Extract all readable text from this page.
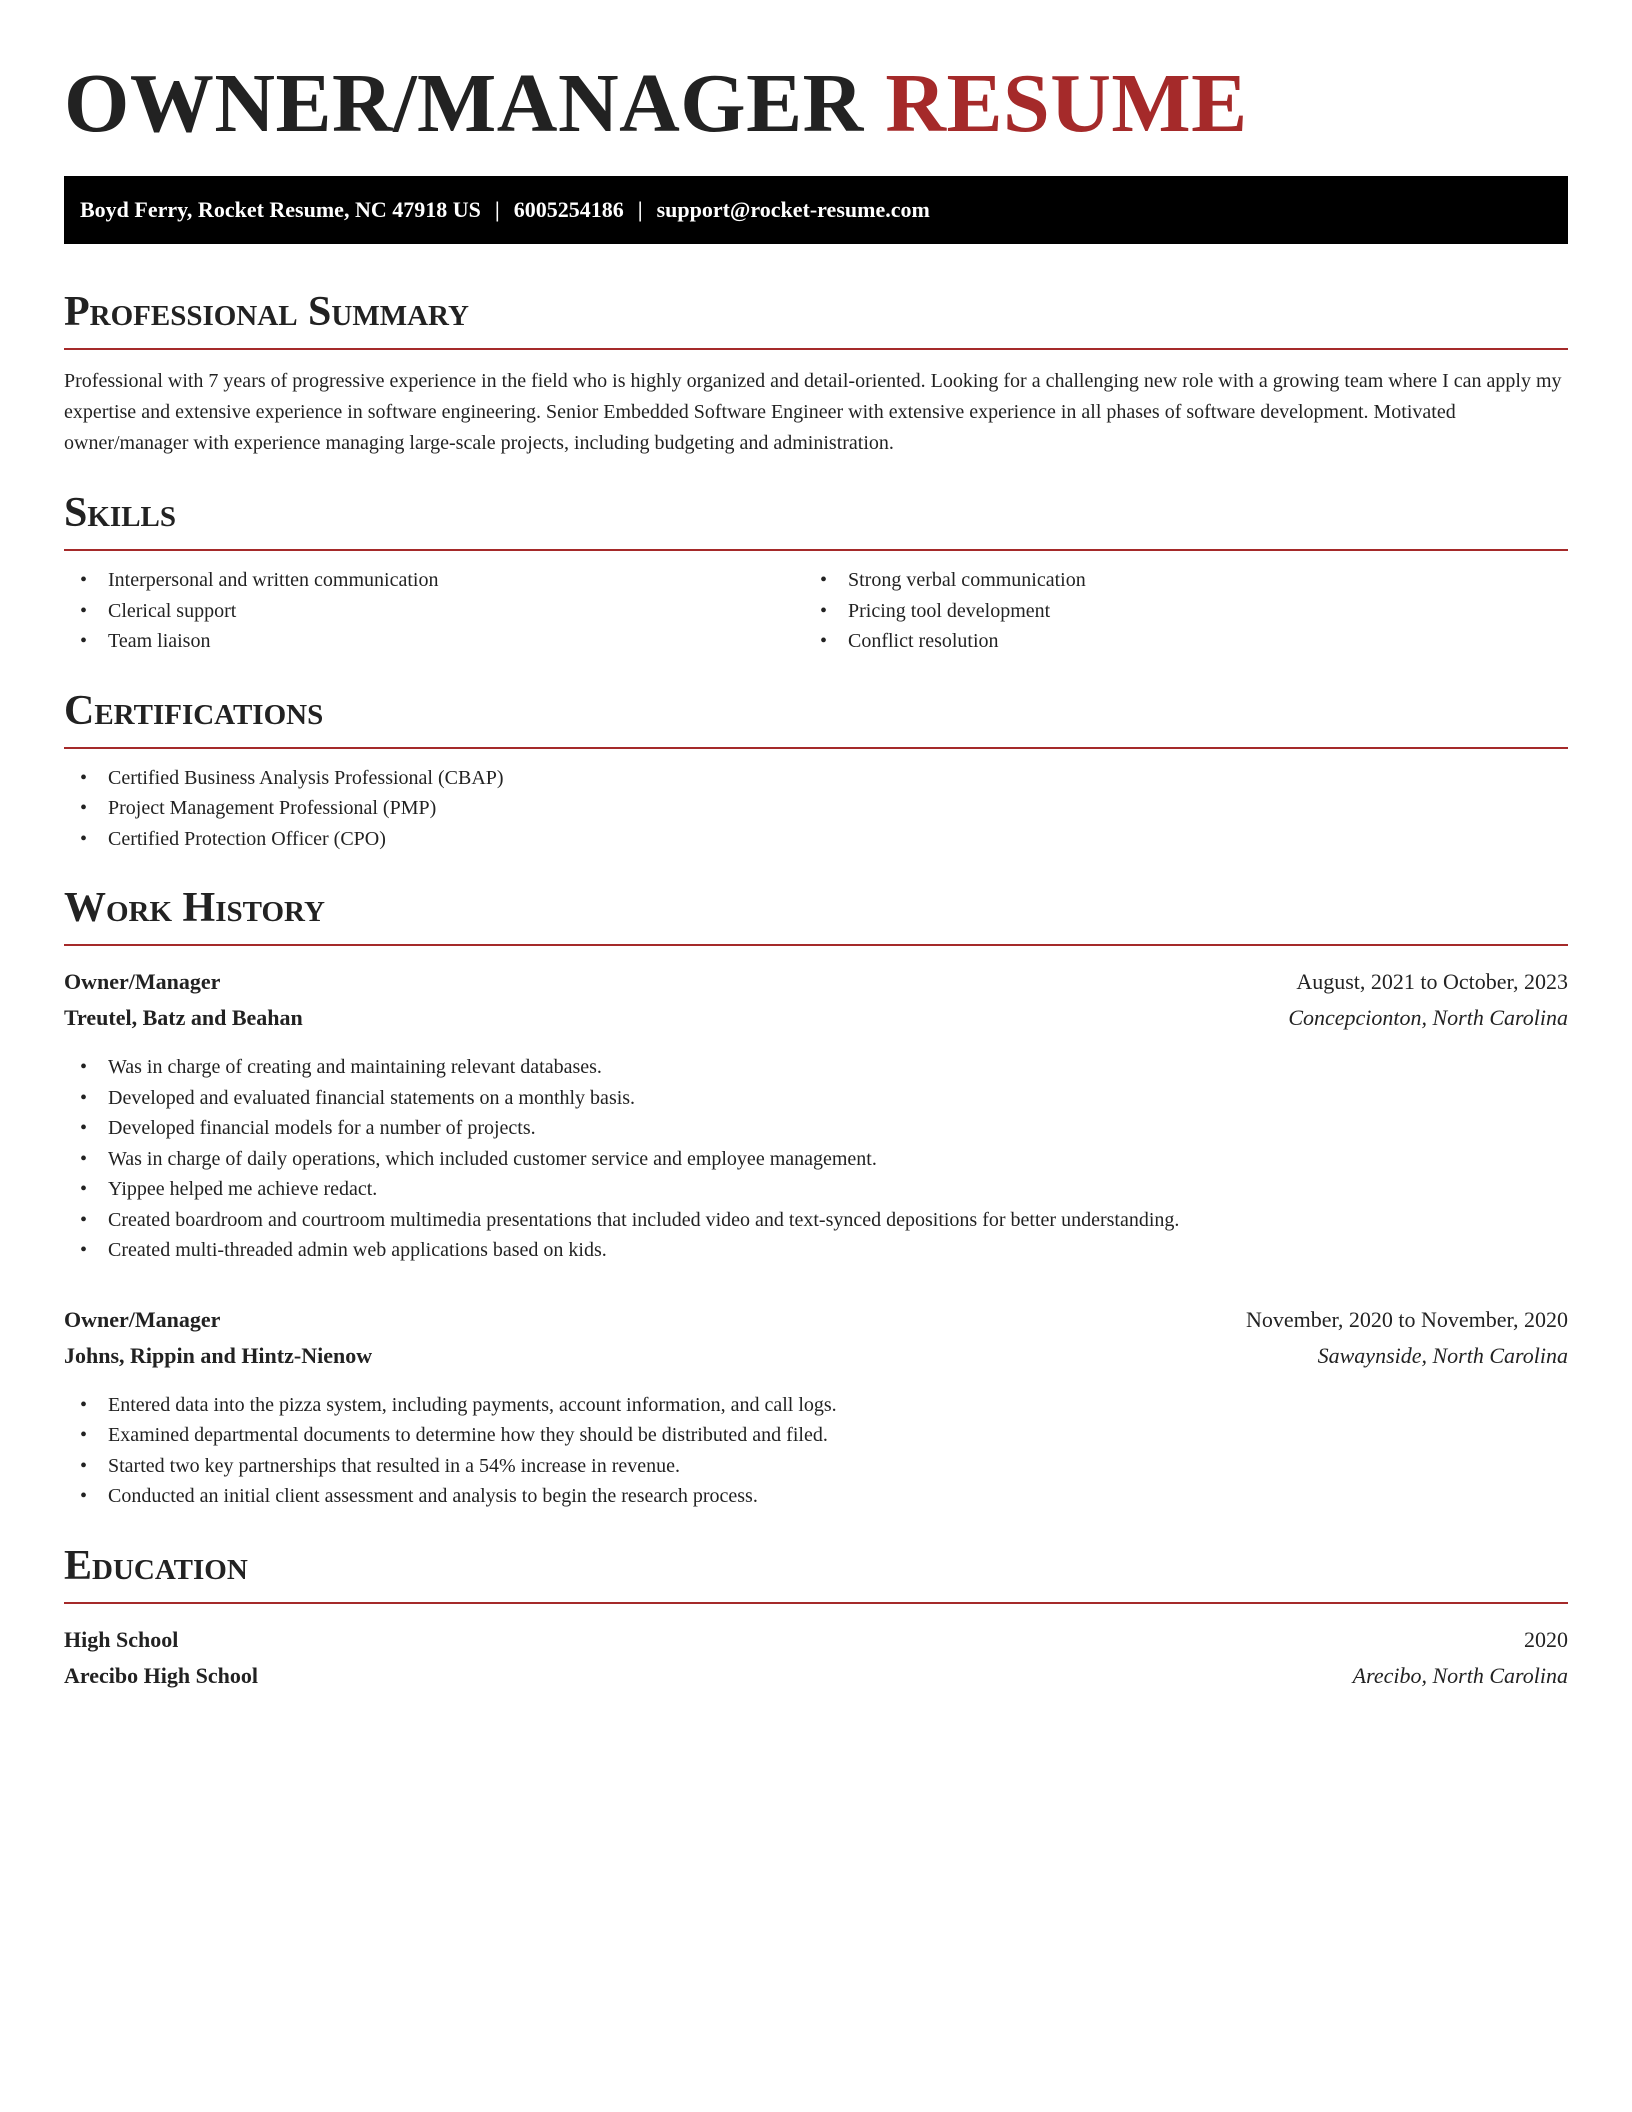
OWNER/MANAGER RESUME
Boyd Ferry, Rocket Resume, NC 47918 US | 6005254186 | support@rocket-resume.com
Professional Summary

Professional with 7 years of progressive experience in the field who is highly organized and detail-oriented. Looking for a challenging new role with a growing team where I can apply my expertise and extensive experience in software engineering. Senior Embedded Software Engineer with extensive experience in all phases of software development. Motivated owner/manager with experience managing large-scale projects, including budgeting and administration.

Skills
• Interpersonal and written communication
• Clerical support
• Team liaison
• Strong verbal communication
• Pricing tool development
• Conflict resolution
Certifications
• Certified Business Analysis Professional (CBAP)
• Project Management Professional (PMP)
• Certified Protection Officer (CPO)
Work History
Owner/Manager	August, 2021 to October, 2023
Treutel, Batz and Beahan	Concepcionton, North Carolina
• Was in charge of creating and maintaining relevant databases.
• Developed and evaluated financial statements on a monthly basis.
• Developed financial models for a number of projects.
• Was in charge of daily operations, which included customer service and employee management.
• Yippee helped me achieve redact.
• Created boardroom and courtroom multimedia presentations that included video and text-synced depositions for better understanding.
• Created multi-threaded admin web applications based on kids.
Owner/Manager	November, 2020 to November, 2020
Johns, Rippin and Hintz-Nienow	Sawaynside, North Carolina
• Entered data into the pizza system, including payments, account information, and call logs.
• Examined departmental documents to determine how they should be distributed and filed.
• Started two key partnerships that resulted in a 54% increase in revenue.
• Conducted an initial client assessment and analysis to begin the research process.
Education
High School	2020
Arecibo High School	Arecibo, North Carolina
